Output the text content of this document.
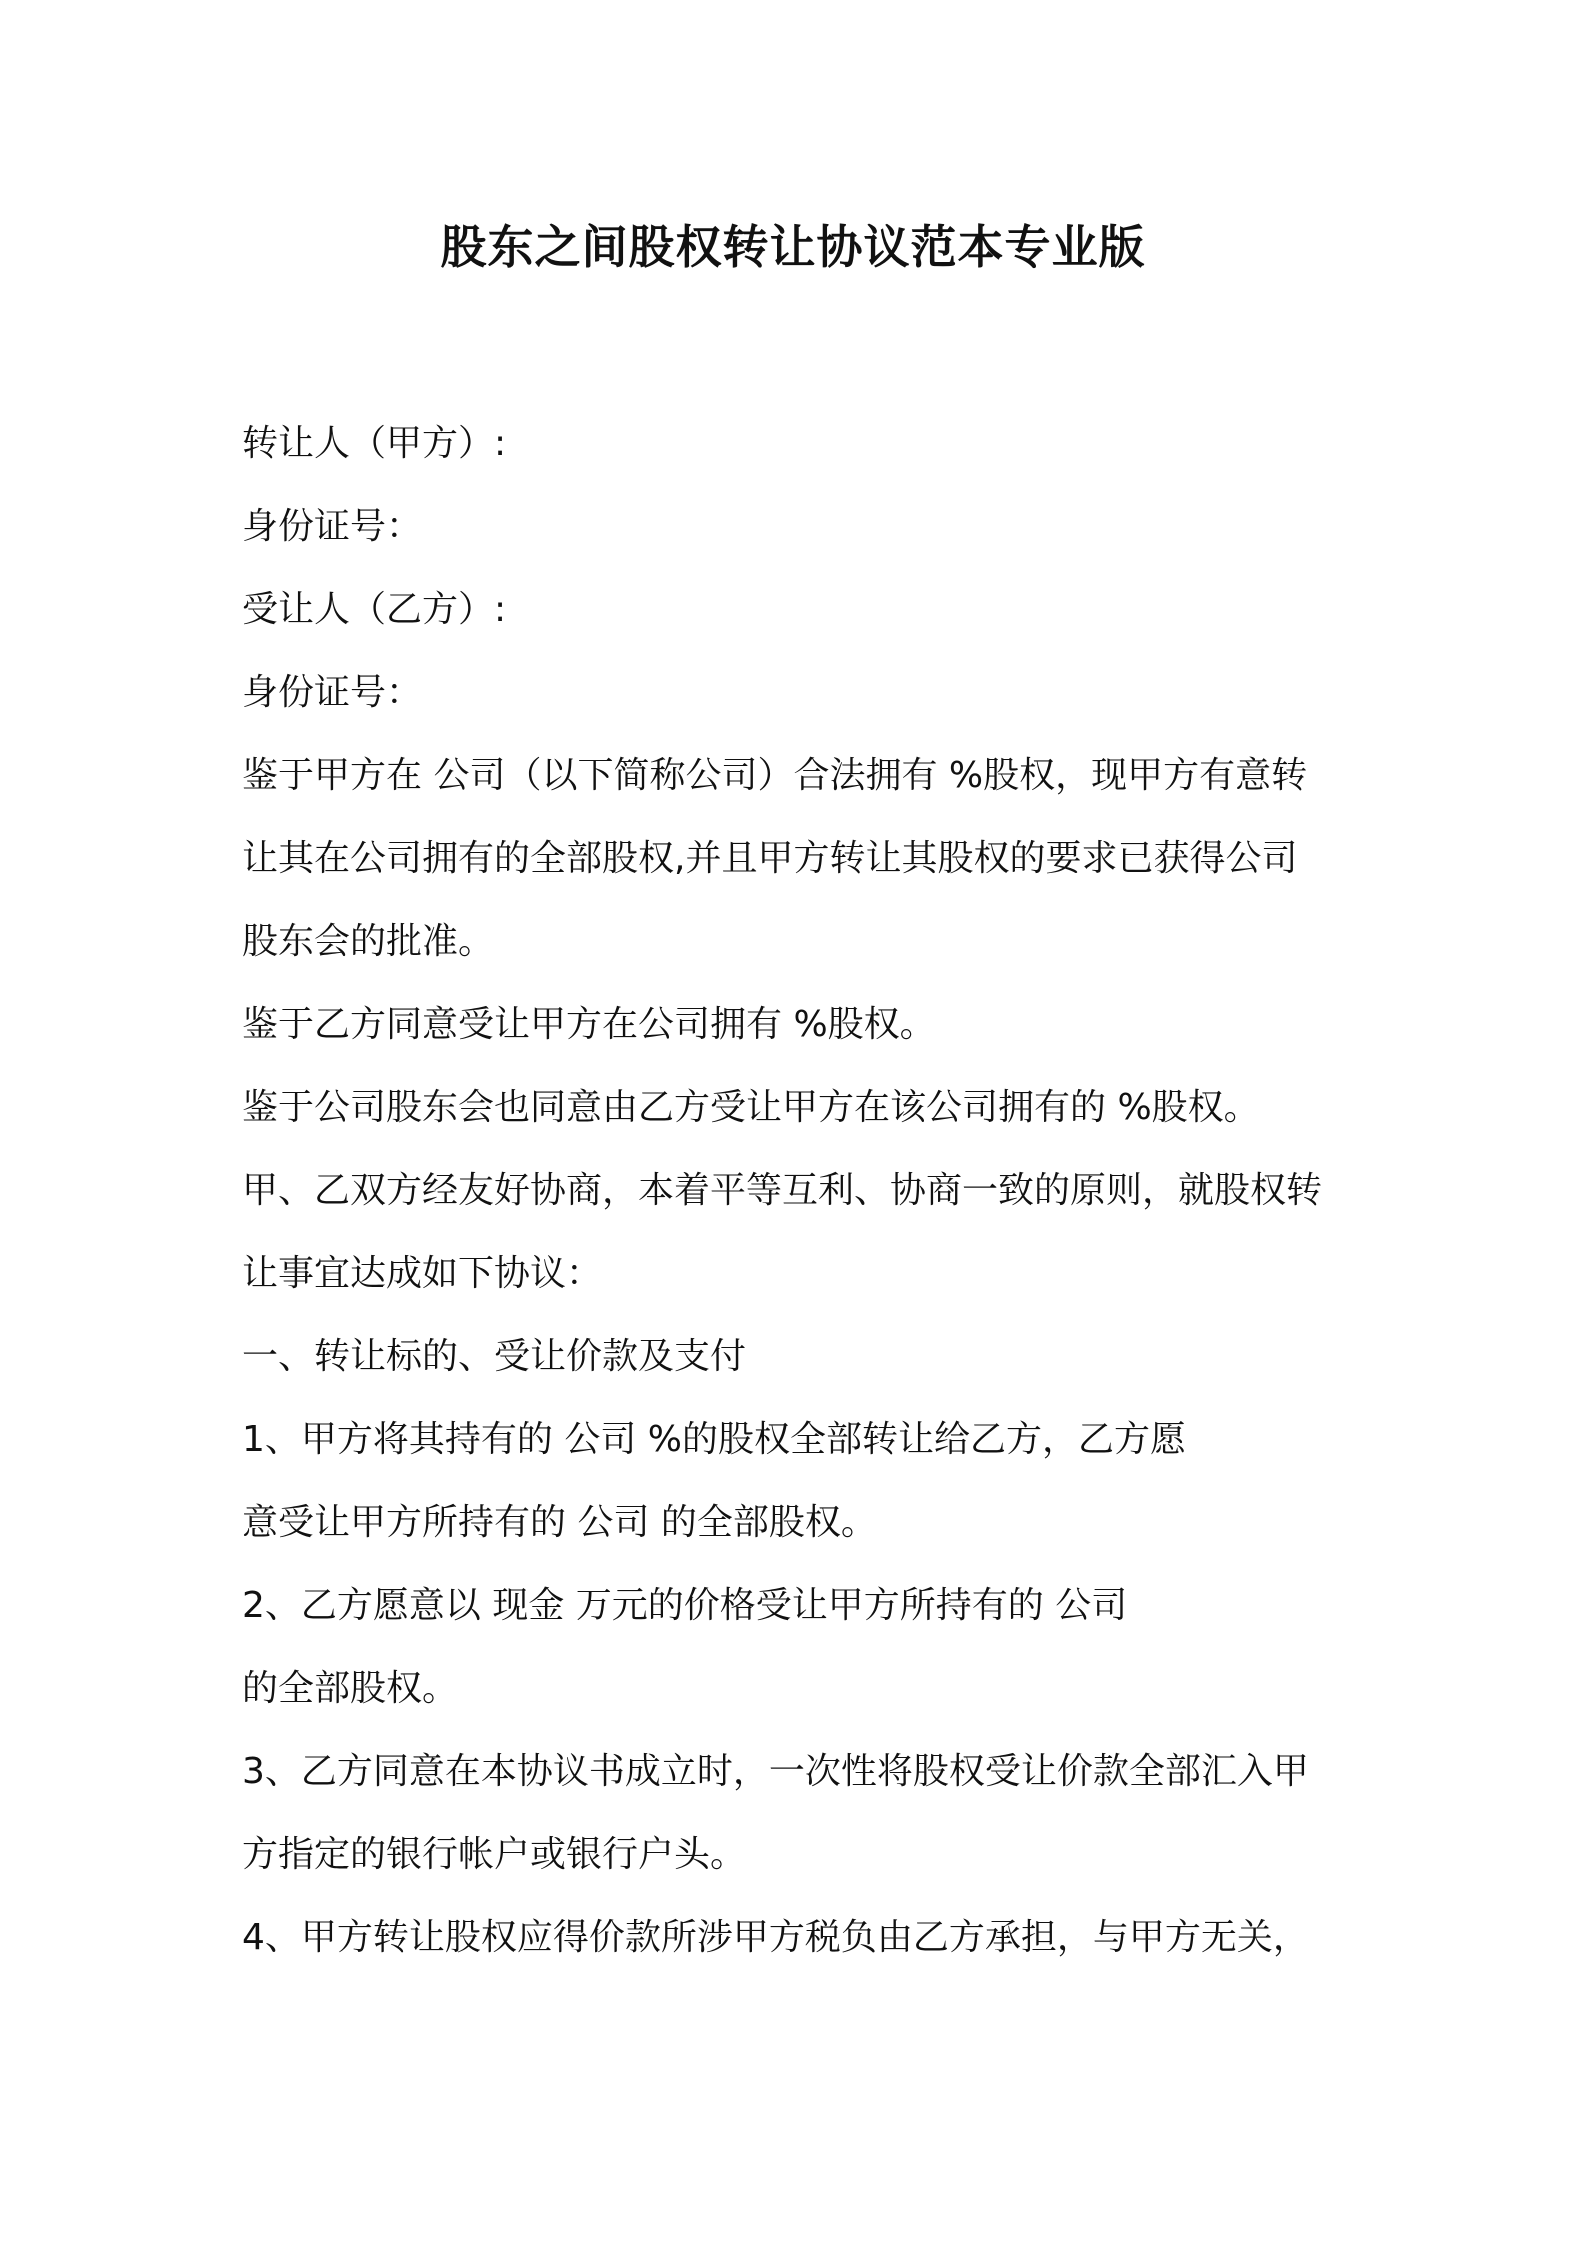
股东之间股权转让协议范本专业版
转让人（甲方）:
身份证号：
受让人（乙方）:
身份证号：
鉴于甲方在 公司（以下简称公司）合法拥有 %股权，现甲方有意转
让其在公司拥有的全部股权,并且甲方转让其股权的要求已获得公司
股东会的批准。
鉴于乙方同意受让甲方在公司拥有 %股权。
鉴于公司股东会也同意由乙方受让甲方在该公司拥有的 %股权。
甲、乙双方经友好协商，本着平等互利、协商一致的原则，就股权转
让事宜达成如下协议：
一、转让标的、受让价款及支付
1、甲方将其持有的 公司 %的股权全部转让给乙方，乙方愿
意受让甲方所持有的 公司 的全部股权。
2、乙方愿意以 现金 万元的价格受让甲方所持有的 公司
的全部股权。
3、乙方同意在本协议书成立时，一次性将股权受让价款全部汇入甲
方指定的银行帐户或银行户头。
4、甲方转让股权应得价款所涉甲方税负由乙方承担，与甲方无关，
